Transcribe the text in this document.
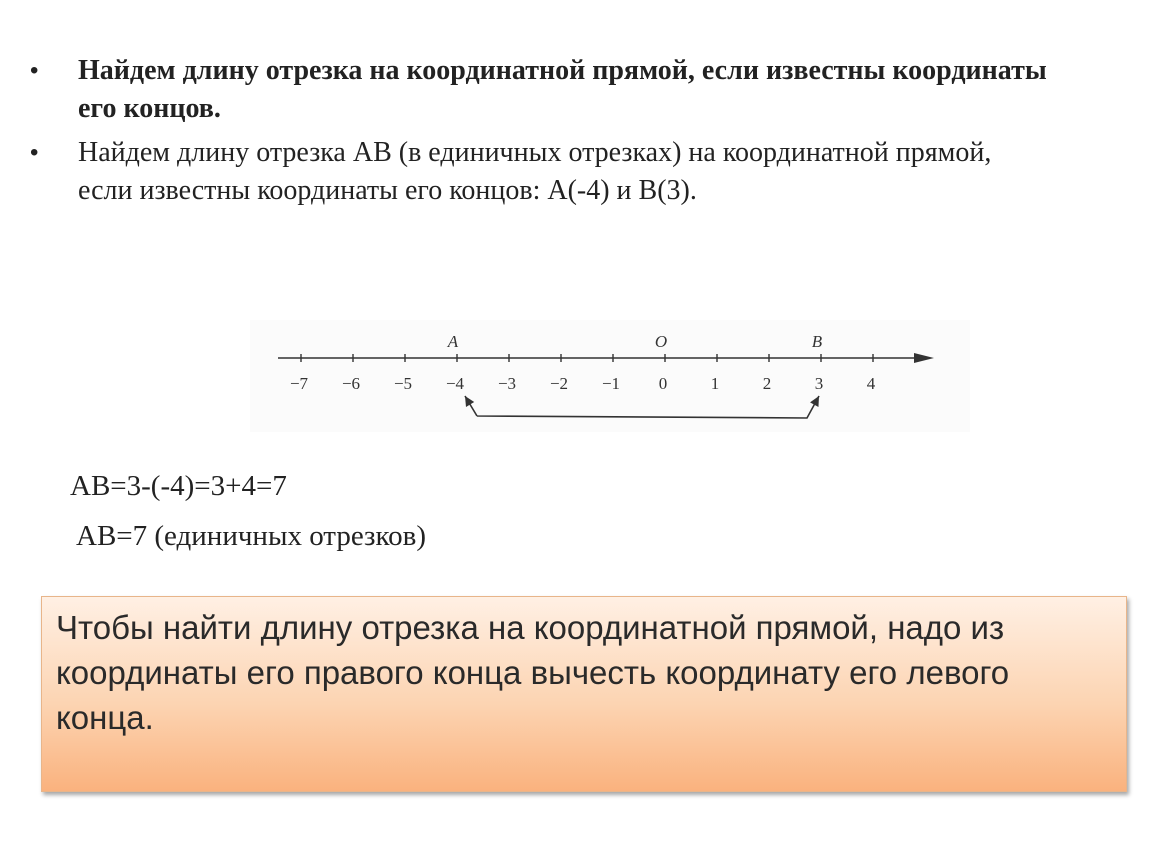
• Найдем длину отрезка на координатной прямой, если известны координаты его концов.
• Найдем длину отрезка АВ (в единичных отрезках) на координатной прямой, если известны координаты его концов: А(-4) и В(3).
−7 −6 −5 −4 −3 −2 −1 0	1	2	3	4
A	O	B
АВ=3-(-4)=3+4=7
АВ=7 (единичных отрезков)
Чтобы найти длину отрезка на координатной прямой, надо из координаты его правого конца вычесть координату его левого конца.
